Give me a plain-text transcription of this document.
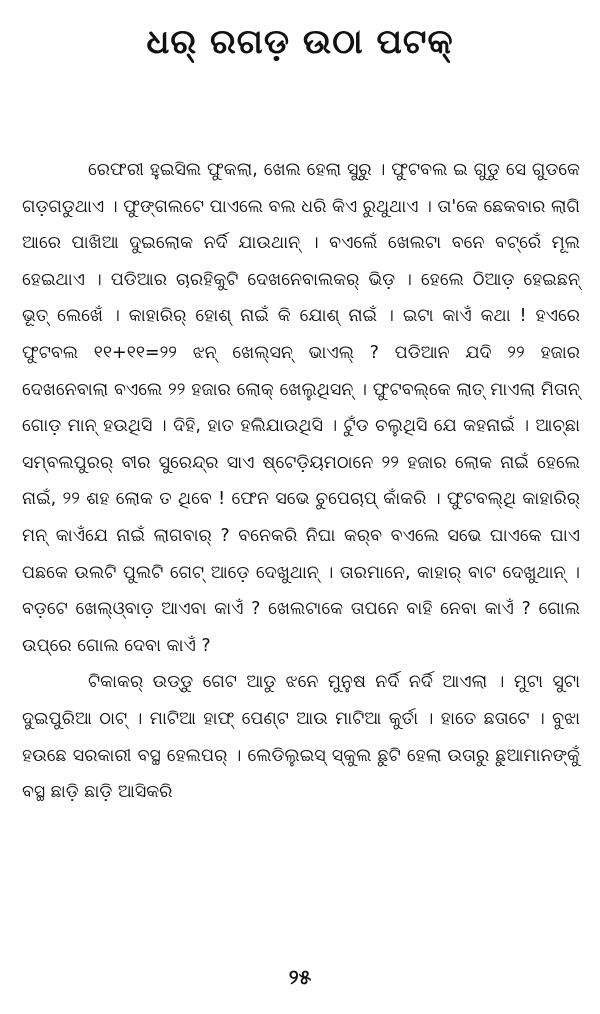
ଧର୍ ରଗଡ଼ ଉଠା ପଟକ୍

ରେଫରୀ ହୁଇସିଲ ଫୁକଲା, ଖେଲ ହେଲା ସୁରୁ । ଫୁଟବଲ ଇ ଗୁଡୁ ସେ ଗୁଡକେ ଗଡ଼ଗଡୁଥାଏ । ଫୁଙ୍ଗଲଟେ ପାଏଲେ ବଲ ଧରି କିଏ ରୁଥୁଥାଏ । ତା'କେ ଛେକବାର ଲାଗି ଆରେ ପାଖିଆ ଦୁଇଲୋକ ନର୍ଦି ଯାଉଥାନ୍ । ବଏଲେଁ ଖେଲଟା ବନେ ବଟ୍ରେଁ ମୂଲ ହେଇଥାଏ । ପଡିଆର ଚାରହିକୁଟି ଦେଖନେବାଲକର୍ ଭିଡ଼ । ହେଲେ ଠିଆଡ଼ ହେଇଛନ୍ ଭୂତ୍ ଲେଖେଁ । କାହାରିର୍ ହୋଶ୍ ନାଇଁ କି ଯୋଶ୍ ନାଇଁ । ଇଟା କାଏଁ କଥା ! ହଏରେ ଫୁଟବଲ ୧୧+୧୧=୨୨ ଝନ୍ ଖେଲ୍‌ସନ୍ ଭାଏଲ୍ ? ପଡିଆନ ଯଦି ୨୨ ହଜାର ଦେଖନେବାଲା ବଏଲେ ୨୨ ହଜାର ଲୋକ୍ ଖେଲୁଥିସନ୍ । ଫୁଟବଲ୍‌କେ ଲାତ୍ ମାଏଲା ମିତାନ୍ ଗୋଡ଼ ମାନ୍ ହଉଥିସି । ଦିହି, ହାତ ହଲିଯାଉଥିସି । ଟୁଁଡ ଚଲୁଥିସି ଯେ କହନାଇଁ । ଆଚ୍ଛା ସମ୍ବଲପୁରର୍ ବୀର ସୁରେନ୍ଦ୍ର ସାଏ ଷ୍ଟେଡ଼ିୟମଠାନେ ୨୨ ହଜାର ଲୋକ ନାଇଁ ହେଲେ ନାଇଁ, ୨୨ ଶହ ଲୋକ ତ ଥିବେ ! ଫେନ ସଭେ ଚୁପେଚାପ୍ କାଁକରି । ଫୁଟବଲ୍‌ଥି କାହାରିର୍ ମନ୍ କାଏଁଯେ ନାଇଁ ଲାଗବାର୍ ? ବନେକରି ନିଘା କର୍‌ବ ବଏଲେ ସଭେ ଘାଏକେ ଘାଏ ପଛକେ ଉଲଟି ପୁଲଟି ଗେଟ୍ ଆଡ଼େ ଦେଖୁଥାନ୍ । ତାରମାନେ, କାହାର୍ ବାଟ ଦେଖୁଥାନ୍ । ବଡ଼ଟେ ଖେଲ୍‌ଓ୍ବାଡ଼ ଆଏବା କାଏଁ ? ଖେଲଟାକେ ତାପନେ ବାହି ନେବା କାଏଁ ? ଗୋଲ ଉପ୍ରେ ଗୋଲ ଦେବା କାଏଁ ?

ଟିକାକର୍ ଉଡ୍ଡୁ ଗେଟ ଆଡୁ ଝନେ ମୁନୁଷ ନର୍ଦି ନର୍ଦି ଆଏଲା । ମୁଟା ସୁଟା ଦୁଇପୁରିଆ ଠାଟ୍ । ମାଟିଆ ହାଫ୍ ପେଣ୍ଟ ଆଉ ମାଟିଆ କୁର୍ତା । ହାତେ ଛତାଟେ । ବୁଝା ହଉଛେ ସରକାରୀ ବସ୍ଥ ହେଲପର୍ । ଲେଡିଲୁଇସ୍ ସ୍କୁଲ ଛୁଟି ହେଲା ଉତାରୁ ଛୁଆମାନଙ୍କୁଁ ବସ୍ଥ ଛାଡ଼ି ଛାଡ଼ି ଆସିକରି

୨୫
